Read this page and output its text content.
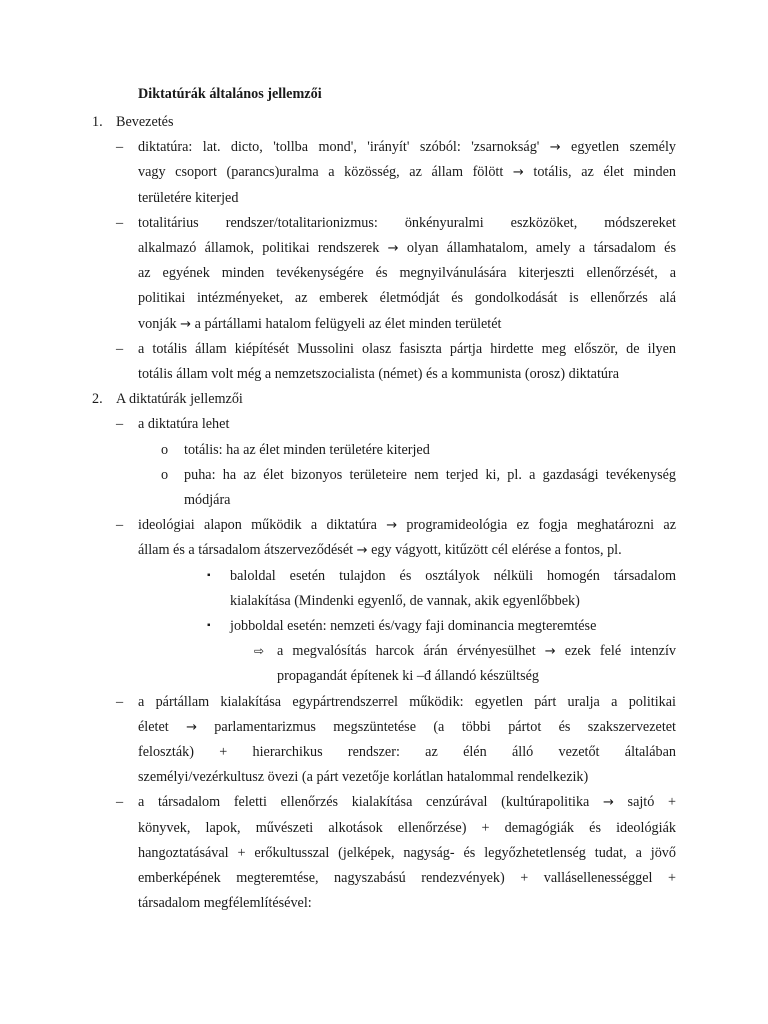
Diktatúrák általános jellemzői
1. Bevezetés
– diktatúra: lat. dicto, 'tollba mond', 'irányít' szóból: 'zsarnokság' → egyetlen személy
vagy csoport (parancs)uralma a közösség, az állam fölött → totális, az élet minden
területére kiterjed
– totalitárius rendszer/totalitarionizmus: önkényuralmi eszközöket, módszereket
alkalmazó államok, politikai rendszerek → olyan államhatalom, amely a társadalom és
az egyének minden tevékenységére és megnyilvánulására kiterjeszti ellenőrzését, a
politikai intézményeket, az emberek életmódját és gondolkodását is ellenőrzés alá
vonják → a pártállami hatalom felügyeli az élet minden területét
– a totális állam kiépítését Mussolini olasz fasiszta pártja hirdette meg először, de ilyen
totális állam volt még a nemzetszocialista (német) és a kommunista (orosz) diktatúra
2. A diktatúrák jellemzői
– a diktatúra lehet
o totális: ha az élet minden területére kiterjed
o puha: ha az élet bizonyos területeire nem terjed ki, pl. a gazdasági tevékenység
módjára
– ideológiai alapon működik a diktatúra → programideológia ez fogja meghatározni az
állam és a társadalom átszerveződését → egy vágyott, kitűzött cél elérése a fontos, pl.
▪ baloldal esetén tulajdon és osztályok nélküli homogén társadalom
kialakítása (Mindenki egyenlő, de vannak, akik egyenlőbbek)
▪ jobboldal esetén: nemzeti és/vagy faji dominancia megteremtése
⇨ a megvalósítás harcok árán érvényesülhet → ezek felé intenzív
propagandát építenek ki –đ állandó készültség
– a pártállam kialakítása egypártrendszerrel működik: egyetlen párt uralja a politikai
életet → parlamentarizmus megszüntetése (a többi pártot és szakszervezetet
feloszták) + hierarchikus rendszer: az élén álló vezetőt általában
személyi/vezérkultusz övezi (a párt vezetője korlátlan hatalommal rendelkezik)
– a társadalom feletti ellenőrzés kialakítása cenzúrával (kultúrapolitika → sajtó +
könyvek, lapok, művészeti alkotások ellenőrzése) + demagógiák és ideológiák
hangoztatásával + erőkultusszal (jelképek, nagyság- és legyőzhetetlenség tudat, a jövő
emberképének megteremtése, nagyszabású rendezvények) + vallásellenességgel +
társadalom megfélemlítésével:
